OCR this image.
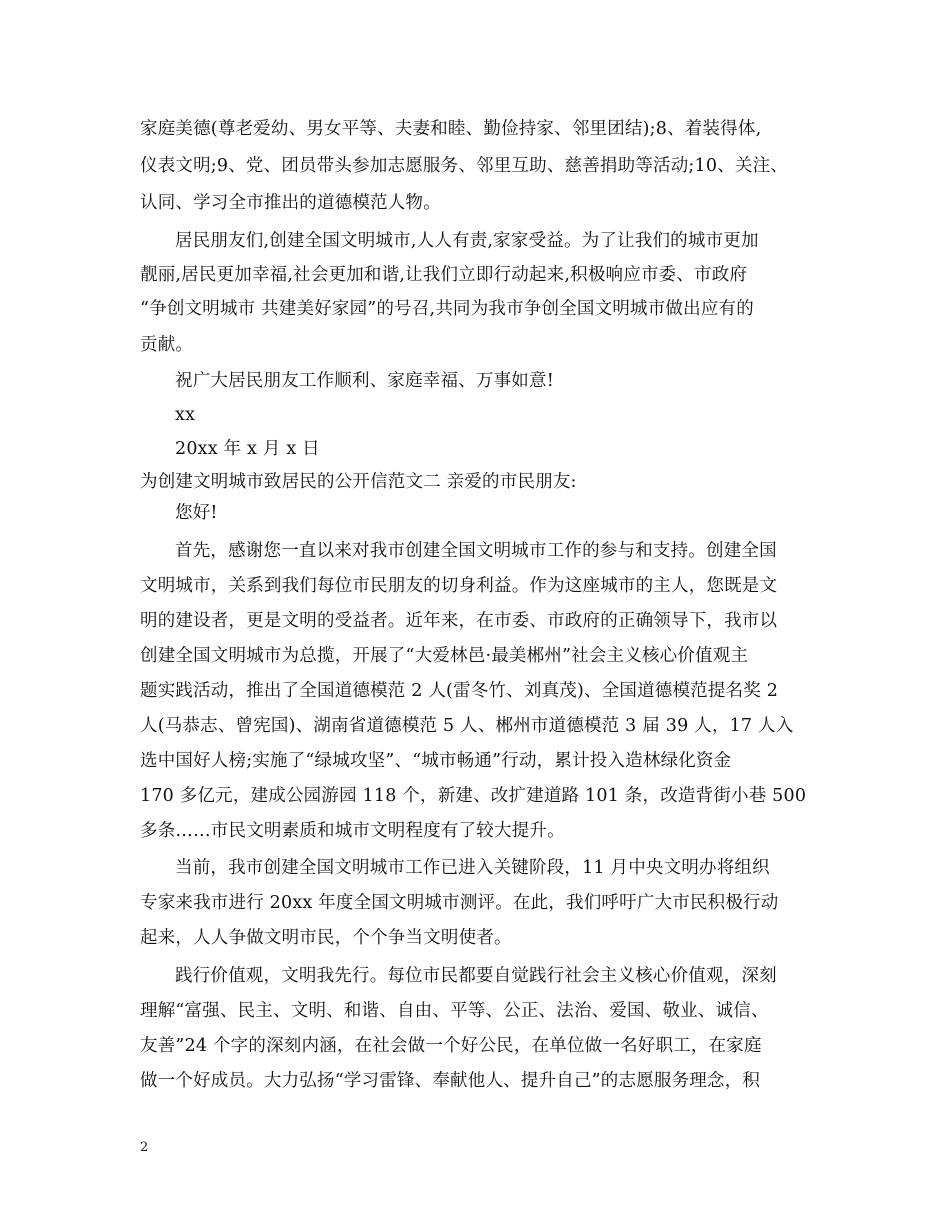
家庭美德(尊老爱幼、男女平等、夫妻和睦、勤俭持家、邻里团结);8、着装得体,
仪表文明;9、党、团员带头参加志愿服务、邻里互助、慈善捐助等活动;10、关注、
认同、学习全市推出的道德模范人物。
居民朋友们,创建全国文明城市,人人有责,家家受益。为了让我们的城市更加
靓丽,居民更加幸福,社会更加和谐,让我们立即行动起来,积极响应市委、市政府
“争创文明城市 共建美好家园”的号召,共同为我市争创全国文明城市做出应有的
贡献。
祝广大居民朋友工作顺利、家庭幸福、万事如意!
xx
20xx 年 x 月 x 日
为创建文明城市致居民的公开信范文二 亲爱的市民朋友:
您好!
首先，感谢您一直以来对我市创建全国文明城市工作的参与和支持。创建全国
文明城市，关系到我们每位市民朋友的切身利益。作为这座城市的主人，您既是文
明的建设者，更是文明的受益者。近年来，在市委、市政府的正确领导下，我市以
创建全国文明城市为总揽，开展了“大爱林邑·最美郴州”社会主义核心价值观主
题实践活动，推出了全国道德模范 2 人(雷冬竹、刘真茂)、全国道德模范提名奖 2
人(马恭志、曾宪国)、湖南省道德模范 5 人、郴州市道德模范 3 届 39 人，17 人入
选中国好人榜;实施了“绿城攻坚”、“城市畅通”行动，累计投入造林绿化资金
170 多亿元，建成公园游园 118 个，新建、改扩建道路 101 条，改造背街小巷 500
多条……市民文明素质和城市文明程度有了较大提升。
当前，我市创建全国文明城市工作已进入关键阶段，11 月中央文明办将组织
专家来我市进行 20xx 年度全国文明城市测评。在此，我们呼吁广大市民积极行动
起来，人人争做文明市民，个个争当文明使者。
践行价值观，文明我先行。每位市民都要自觉践行社会主义核心价值观，深刻
理解“富强、民主、文明、和谐、自由、平等、公正、法治、爱国、敬业、诚信、
友善”24 个字的深刻内涵，在社会做一个好公民，在单位做一名好职工，在家庭
做一个好成员。大力弘扬“学习雷锋、奉献他人、提升自己”的志愿服务理念，积
2
